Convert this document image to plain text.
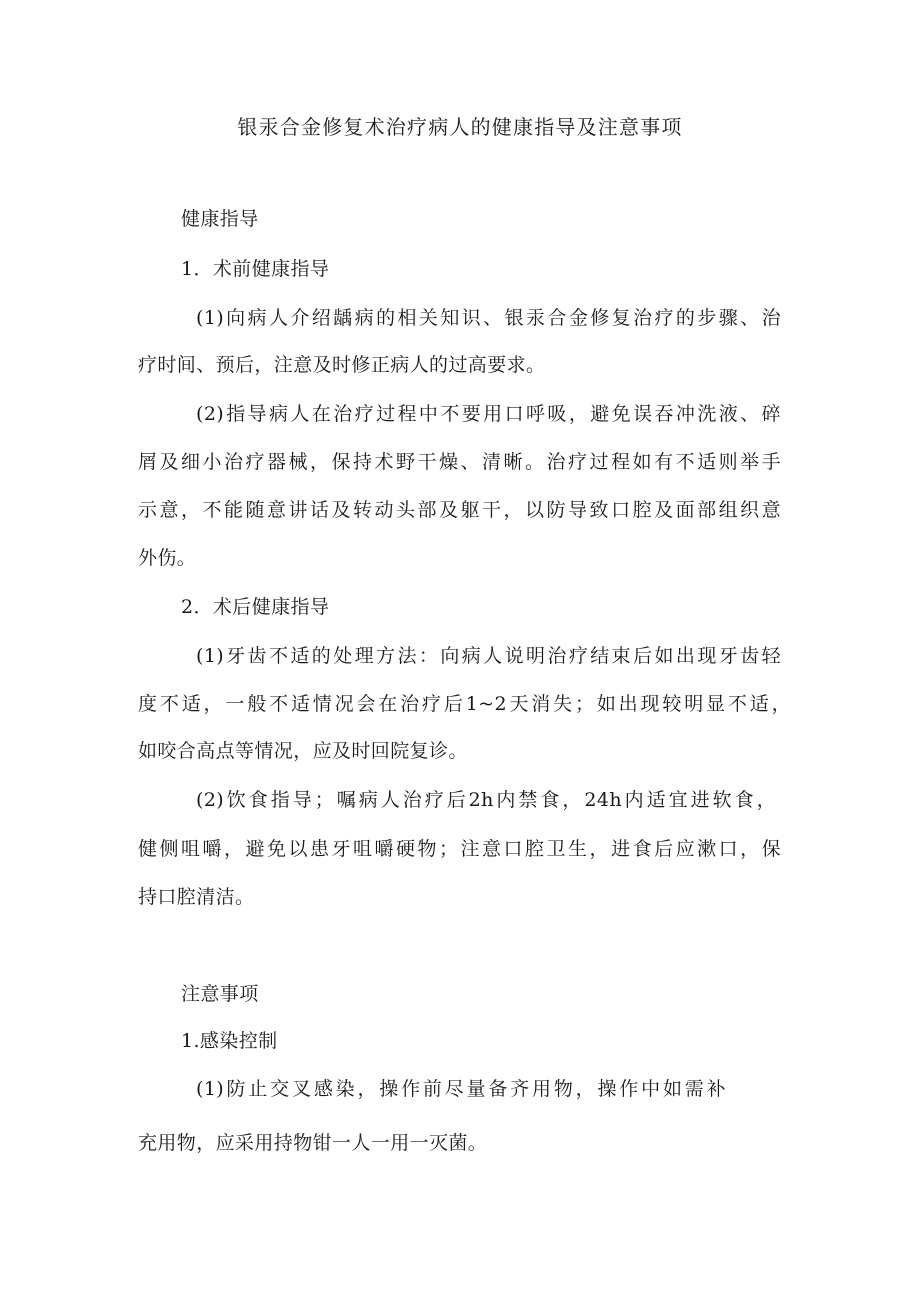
银汞合金修复术治疗病人的健康指导及注意事项
健康指导
1．术前健康指导
(1)向病人介绍龋病的相关知识、银汞合金修复治疗的步骤、治
疗时间、预后，注意及时修正病人的过高要求。
(2)指导病人在治疗过程中不要用口呼吸，避免误吞冲洗液、碎
屑及细小治疗器械，保持术野干燥、清晰。治疗过程如有不适则举手
示意，不能随意讲话及转动头部及躯干，以防导致口腔及面部组织意
外伤。
2．术后健康指导
(1)牙齿不适的处理方法：向病人说明治疗结束后如出现牙齿轻
度不适，一般不适情况会在治疗后1~2天消失；如出现较明显不适，
如咬合高点等情况，应及时回院复诊。
(2)饮食指导；嘱病人治疗后2h内禁食，24h内适宜进软食，
健侧咀嚼，避免以患牙咀嚼硬物；注意口腔卫生，进食后应漱口，保
持口腔清洁。
注意事项
1.感染控制
(1)防止交叉感染，操作前尽量备齐用物，操作中如需补
充用物，应采用持物钳一人一用一灭菌。
